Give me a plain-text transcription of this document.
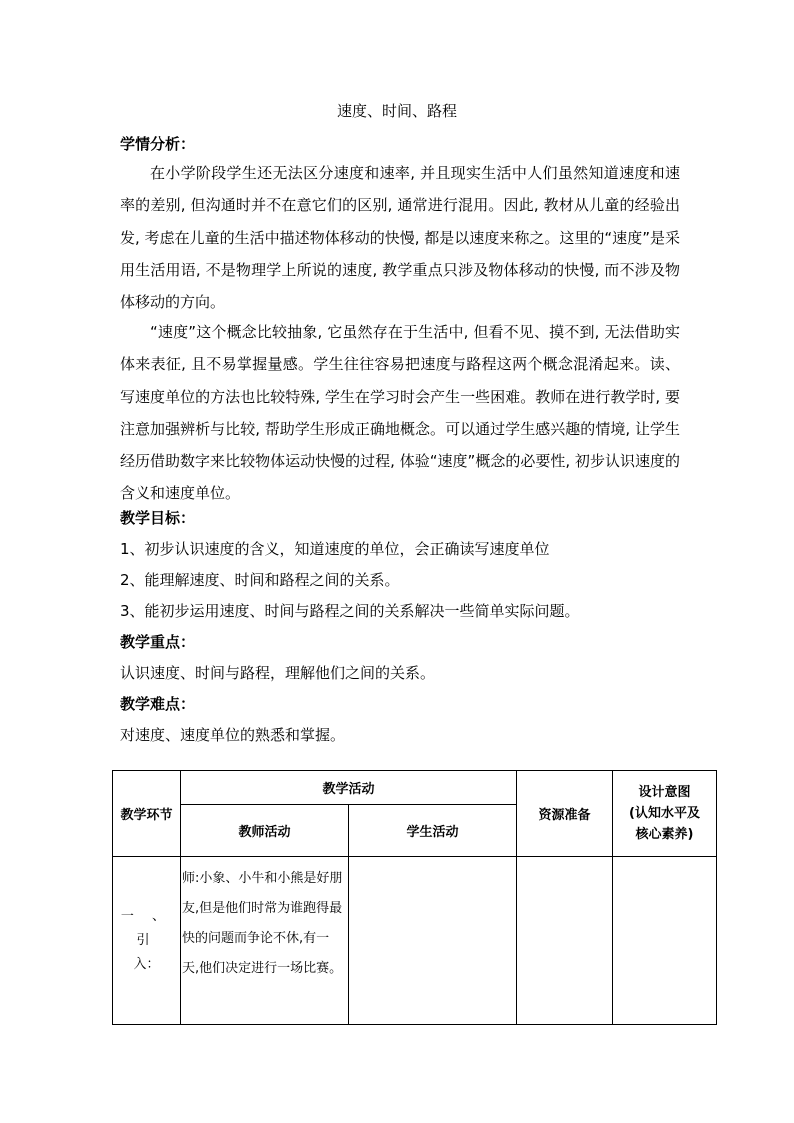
速度、时间、路程
学情分析：
在小学阶段学生还无法区分速度和速率, 并且现实生活中人们虽然知道速度和速率的差别, 但沟通时并不在意它们的区别, 通常进行混用。因此, 教材从儿童的经验出发, 考虑在儿童的生活中描述物体移动的快慢, 都是以速度来称之。这里的“速度”是采用生活用语, 不是物理学上所说的速度, 教学重点只涉及物体移动的快慢, 而不涉及物体移动的方向。
“速度”这个概念比较抽象, 它虽然存在于生活中, 但看不见、摸不到, 无法借助实体来表征, 且不易掌握量感。学生往往容易把速度与路程这两个概念混淆起来。读、写速度单位的方法也比较特殊, 学生在学习时会产生一些困难。教师在进行教学时, 要注意加强辨析与比较, 帮助学生形成正确地概念。可以通过学生感兴趣的情境, 让学生经历借助数字来比较物体运动快慢的过程, 体验“速度”概念的必要性, 初步认识速度的含义和速度单位。
教学目标：
1、初步认识速度的含义，知道速度的单位，会正确读写速度单位
2、能理解速度、时间和路程之间的关系。
3、能初步运用速度、时间与路程之间的关系解决一些简单实际问题。
教学重点：
认识速度、时间与路程，理解他们之间的关系。
教学难点：
对速度、速度单位的熟悉和掌握。
教学环节	教学活动		资源准备	设计意图
(认知水平及
核心素养)

	教师活动	学生活动		

一 、 引
入：	师:小象、小牛和小熊是好朋友,但是他们时常为谁跑得最快的问题而争论不休,有一天,他们决定进行一场比赛。			
